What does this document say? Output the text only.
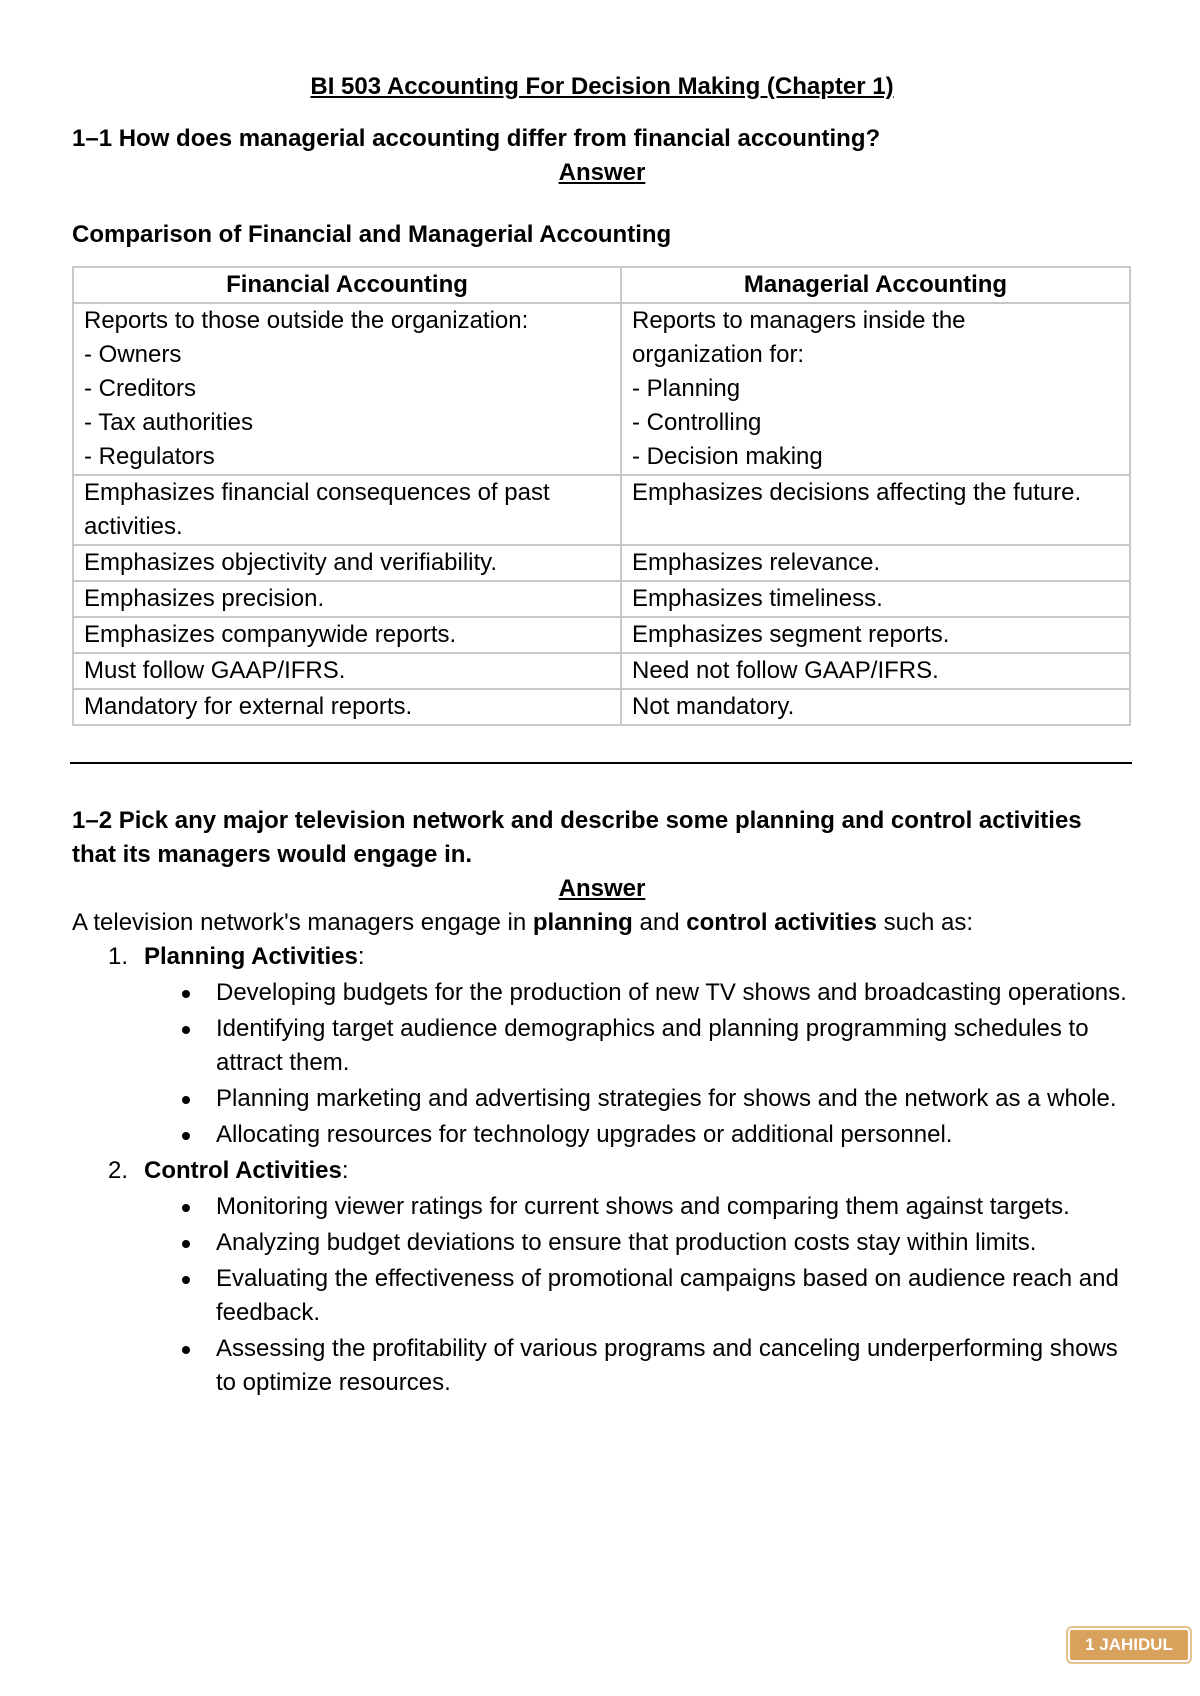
BI 503 Accounting For Decision Making (Chapter 1)

1–1 How does managerial accounting differ from financial accounting?

Answer

Comparison of Financial and Managerial Accounting

Financial Accounting	Managerial Accounting

Reports to those outside the organization:
- Owners
- Creditors
- Tax authorities
- Regulators	Reports to managers inside the
organization for:
- Planning
- Controlling
- Decision making

Emphasizes financial consequences of past
activities.	Emphasizes decisions affecting the future.

Emphasizes objectivity and verifiability.	Emphasizes relevance.

Emphasizes precision.	Emphasizes timeliness.

Emphasizes companywide reports.	Emphasizes segment reports.

Must follow GAAP/IFRS.	Need not follow GAAP/IFRS.

Mandatory for external reports.	Not mandatory.

1–2 Pick any major television network and describe some planning and control activities

that its managers would engage in.

Answer

A television network's managers engage in planning and control activities such as:

1. Planning Activities:
Developing budgets for the production of new TV shows and broadcasting operations.
Identifying target audience demographics and planning programming schedules to attract them.
Planning marketing and advertising strategies for shows and the network as a whole.
Allocating resources for technology upgrades or additional personnel.
2. Control Activities:
Monitoring viewer ratings for current shows and comparing them against targets.
Analyzing budget deviations to ensure that production costs stay within limits.
Evaluating the effectiveness of promotional campaigns based on audience reach and feedback.
Assessing the profitability of various programs and canceling underperforming shows to optimize resources.
1 JAHIDUL
